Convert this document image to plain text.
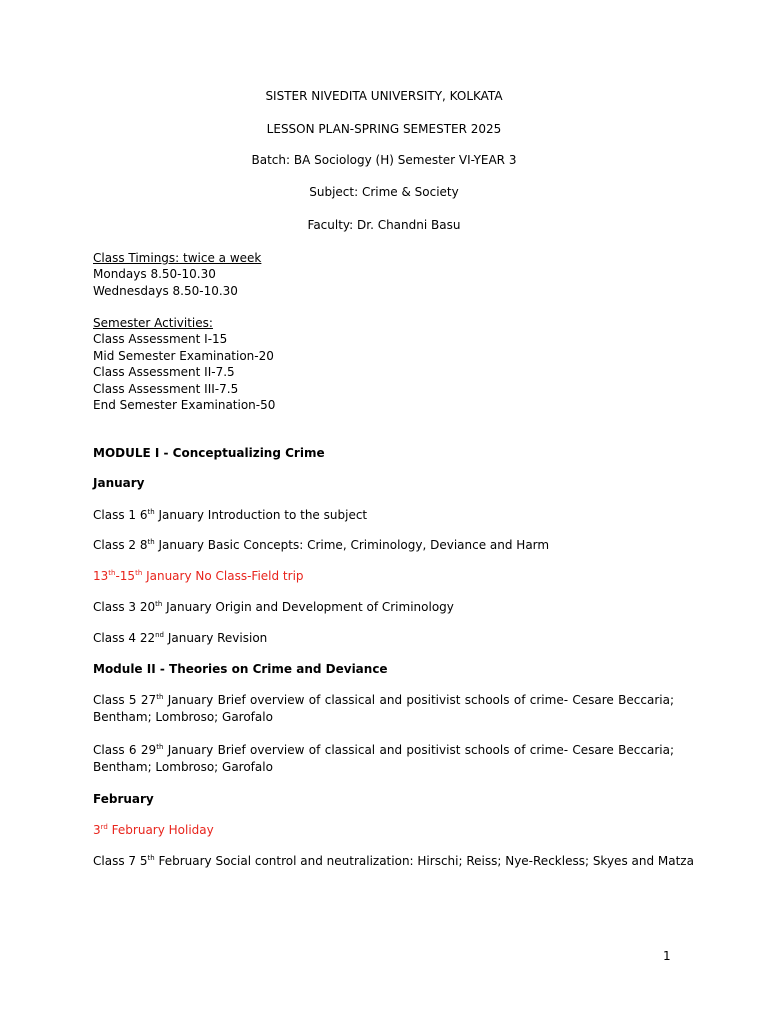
SISTER NIVEDITA UNIVERSITY, KOLKATA
LESSON PLAN-SPRING SEMESTER 2025
Batch: BA Sociology (H) Semester VI-YEAR 3
Subject: Crime & Society
Faculty: Dr. Chandni Basu
Class Timings: twice a week
Mondays 8.50-10.30
Wednesdays 8.50-10.30
Semester Activities:
Class Assessment I-15
Mid Semester Examination-20
Class Assessment II-7.5
Class Assessment III-7.5
End Semester Examination-50
MODULE I - Conceptualizing Crime
January
Class 1 6th January Introduction to the subject
Class 2 8th January Basic Concepts: Crime, Criminology, Deviance and Harm
13th-15th January No Class-Field trip
Class 3 20th January Origin and Development of Criminology
Class 4 22nd January Revision
Module II - Theories on Crime and Deviance
Class 5 27th January Brief overview of classical and positivist schools of crime- Cesare Beccaria; Bentham; Lombroso; Garofalo
Class 6 29th January Brief overview of classical and positivist schools of crime- Cesare Beccaria; Bentham; Lombroso; Garofalo
February
3rd February Holiday
Class 7 5th February Social control and neutralization: Hirschi; Reiss; Nye-Reckless; Skyes and Matza
1
